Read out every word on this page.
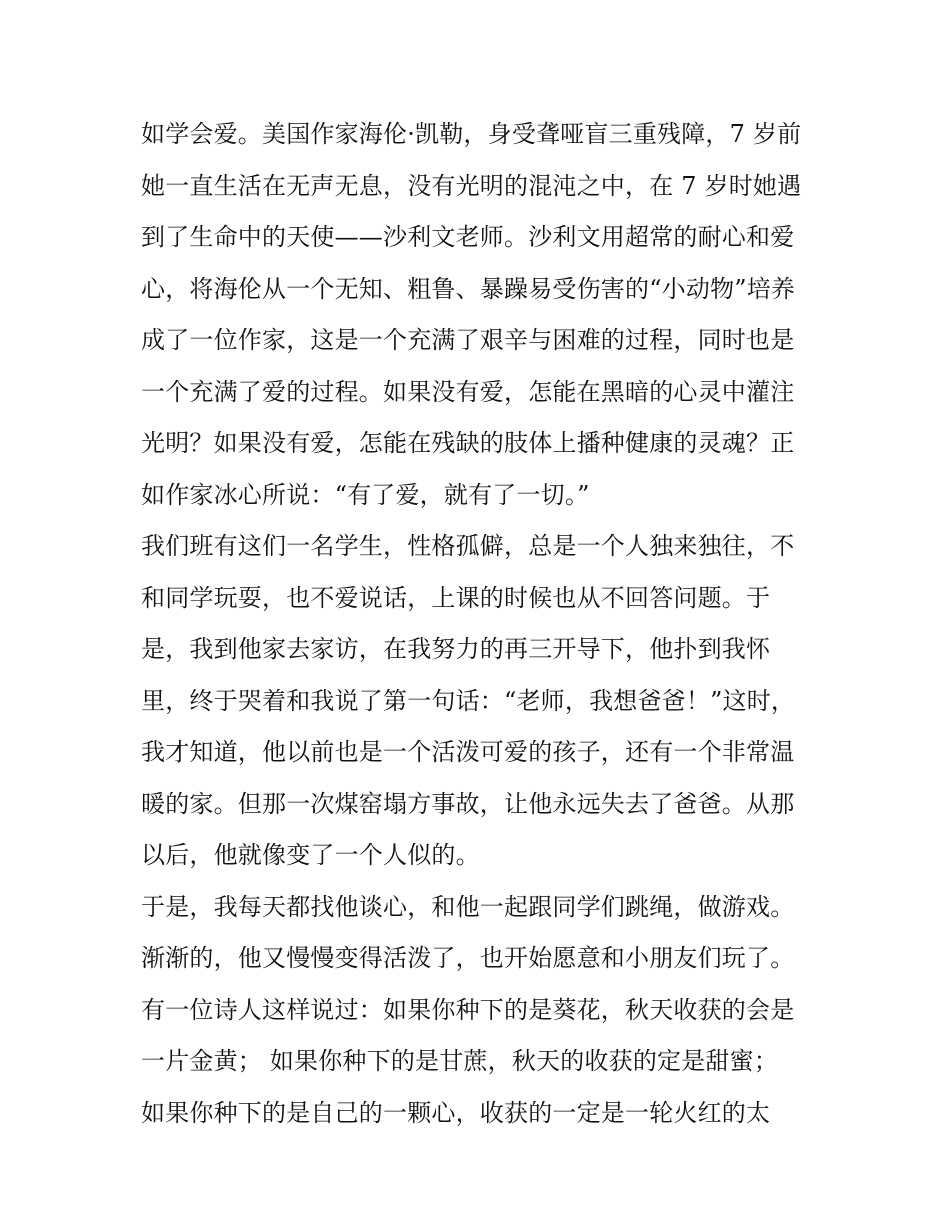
如学会爱。美国作家海伦·凯勒，身受聋哑盲三重残障，7 岁前
她一直生活在无声无息，没有光明的混沌之中，在 7 岁时她遇
到了生命中的天使——沙利文老师。沙利文用超常的耐心和爱
心，将海伦从一个无知、粗鲁、暴躁易受伤害的“小动物”培养
成了一位作家，这是一个充满了艰辛与困难的过程，同时也是
一个充满了爱的过程。如果没有爱，怎能在黑暗的心灵中灌注
光明？如果没有爱，怎能在残缺的肢体上播种健康的灵魂？正
如作家冰心所说：“有了爱，就有了一切。”
我们班有这们一名学生，性格孤僻，总是一个人独来独往，不
和同学玩耍，也不爱说话，上课的时候也从不回答问题。于
是，我到他家去家访，在我努力的再三开导下，他扑到我怀
里，终于哭着和我说了第一句话：“老师，我想爸爸！”这时，
我才知道，他以前也是一个活泼可爱的孩子，还有一个非常温
暖的家。但那一次煤窑塌方事故，让他永远失去了爸爸。从那
以后，他就像变了一个人似的。
于是，我每天都找他谈心，和他一起跟同学们跳绳，做游戏。
渐渐的，他又慢慢变得活泼了，也开始愿意和小朋友们玩了。
有一位诗人这样说过：如果你种下的是葵花，秋天收获的会是
一片金黄； 如果你种下的是甘蔗，秋天的收获的定是甜蜜；
如果你种下的是自己的一颗心，收获的一定是一轮火红的太
